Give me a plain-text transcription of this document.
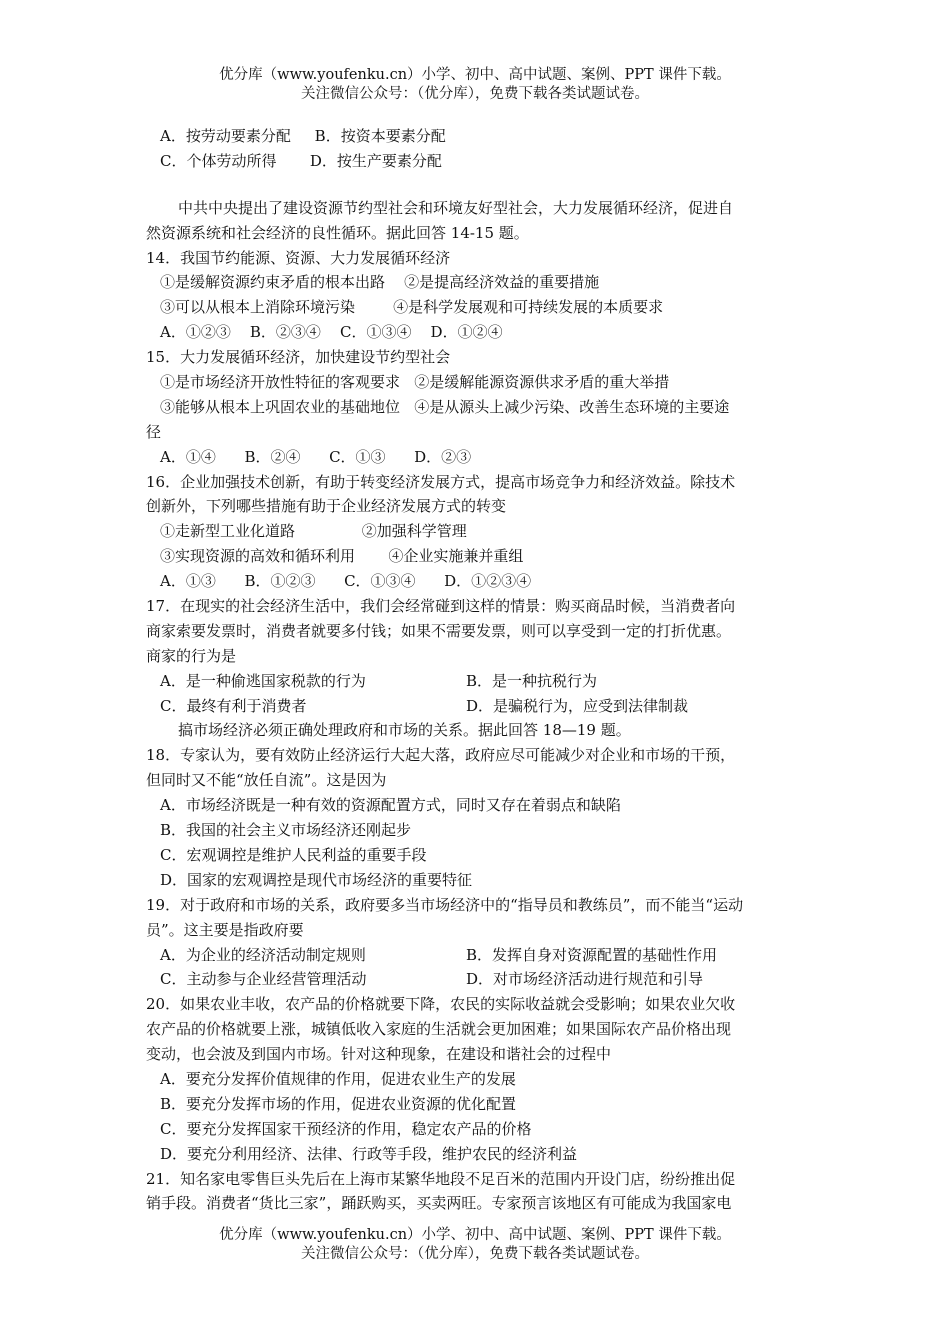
优分库（www.youfenku.cn）小学、初中、高中试题、案例、PPT 课件下载。
关注微信公众号：（优分库），免费下载各类试题试卷。
A．按劳动要素分配     B．按资本要素分配
C．个体劳动所得       D．按生产要素分配
中共中央提出了建设资源节约型社会和环境友好型社会，大力发展循环经济，促进自
然资源系统和社会经济的良性循环。据此回答 14-15 题。
14．我国节约能源、资源、大力发展循环经济
①是缓解资源约束矛盾的根本出路    ②是提高经济效益的重要措施
③可以从根本上消除环境污染        ④是科学发展观和可持续发展的本质要求
A．①②③    B．②③④    C．①③④    D．①②④
15．大力发展循环经济，加快建设节约型社会
①是市场经济开放性特征的客观要求   ②是缓解能源资源供求矛盾的重大举措
③能够从根本上巩固农业的基础地位   ④是从源头上减少污染、改善生态环境的主要途
径
A．①④      B．②④      C．①③      D．②③
16．企业加强技术创新，有助于转变经济发展方式，提高市场竞争力和经济效益。除技术
创新外，下列哪些措施有助于企业经济发展方式的转变
①走新型工业化道路              ②加强科学管理
③实现资源的高效和循环利用       ④企业实施兼并重组
A．①③      B．①②③      C．①③④      D．①②③④
17．在现实的社会经济生活中，我们会经常碰到这样的情景：购买商品时候，当消费者向
商家索要发票时，消费者就要多付钱；如果不需要发票，则可以享受到一定的打折优惠。
商家的行为是
A．是一种偷逃国家税款的行为	B．是一种抗税行为
C．最终有利于消费者	D．是骗税行为，应受到法律制裁
搞市场经济必须正确处理政府和市场的关系。据此回答 18—19 题。
18．专家认为，要有效防止经济运行大起大落，政府应尽可能减少对企业和市场的干预，
但同时又不能“放任自流”。这是因为
A．市场经济既是一种有效的资源配置方式，同时又存在着弱点和缺陷
B．我国的社会主义市场经济还刚起步
C．宏观调控是维护人民利益的重要手段
D．国家的宏观调控是现代市场经济的重要特征
19．对于政府和市场的关系，政府要多当市场经济中的“指导员和教练员”，而不能当“运动
员”。这主要是指政府要
A．为企业的经济活动制定规则	B．发挥自身对资源配置的基础性作用
C．主动参与企业经营管理活动	D．对市场经济活动进行规范和引导
20．如果农业丰收，农产品的价格就要下降，农民的实际收益就会受影响；如果农业欠收
农产品的价格就要上涨，城镇低收入家庭的生活就会更加困难；如果国际农产品价格出现
变动，也会波及到国内市场。针对这种现象，在建设和谐社会的过程中
A．要充分发挥价值规律的作用，促进农业生产的发展
B．要充分发挥市场的作用，促进农业资源的优化配置
C．要充分发挥国家干预经济的作用，稳定农产品的价格
D．要充分利用经济、法律、行政等手段，维护农民的经济利益
21．知名家电零售巨头先后在上海市某繁华地段不足百米的范围内开设门店，纷纷推出促
销手段。消费者“货比三家”，踊跃购买，买卖两旺。专家预言该地区有可能成为我国家电
优分库（www.youfenku.cn）小学、初中、高中试题、案例、PPT 课件下载。
关注微信公众号：（优分库），免费下载各类试题试卷。
